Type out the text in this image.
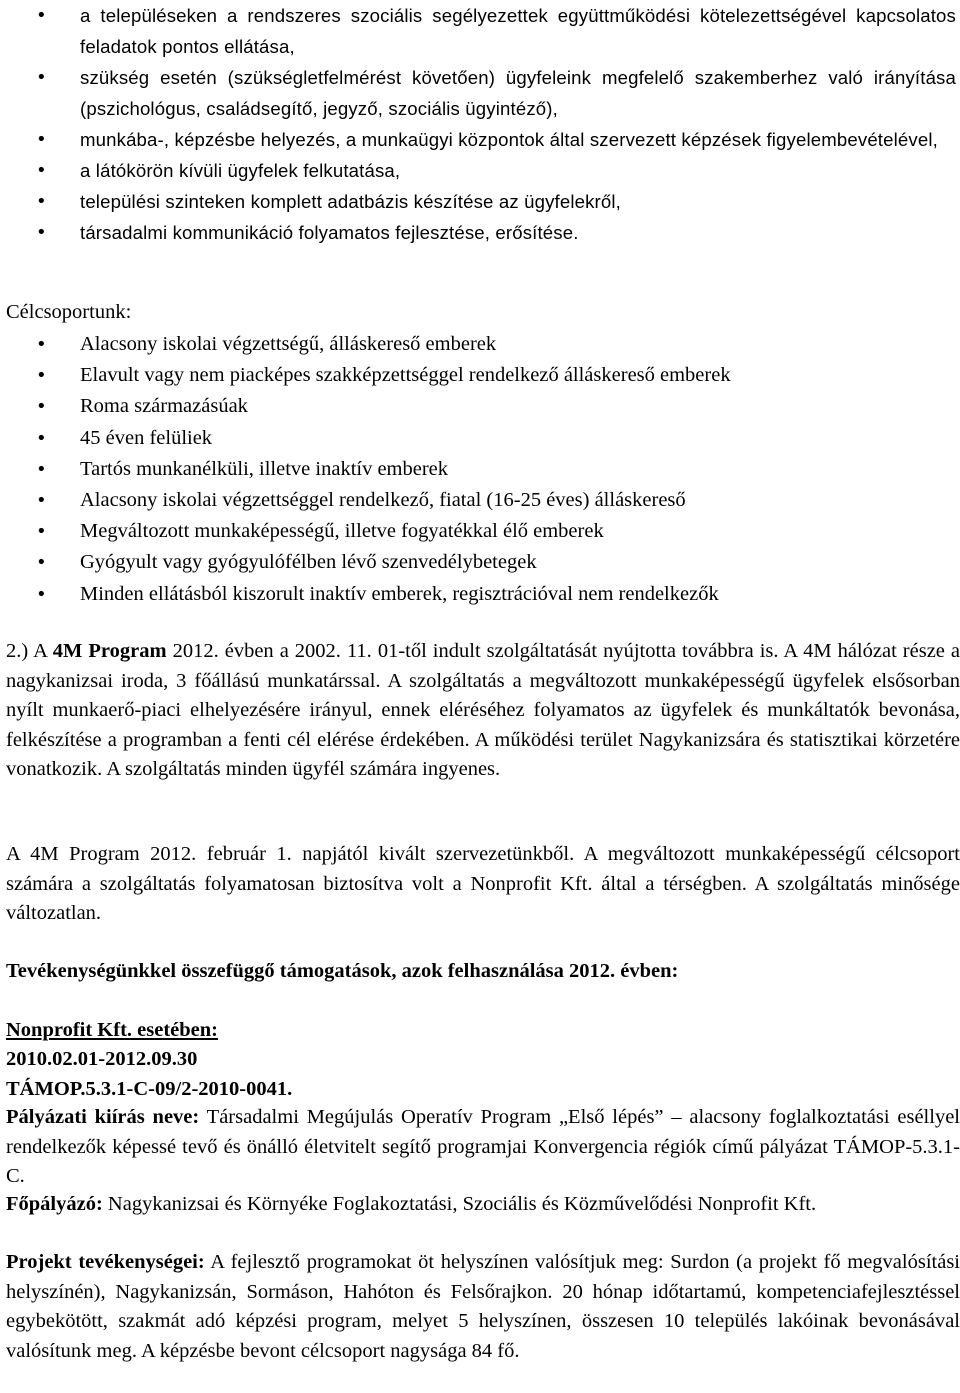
• a településeken a rendszeres szociális segélyezettek együttműködési kötelezettségével kapcsolatos feladatok pontos ellátása,
• szükség esetén (szükségletfelmérést követően) ügyfeleink megfelelő szakemberhez való irányítása (pszichológus, családsegítő, jegyző, szociális ügyintéző),
• munkába-, képzésbe helyezés, a munkaügyi központok által szervezett képzések figyelembevételével,
• a látókörön kívüli ügyfelek felkutatása,
• települési szinteken komplett adatbázis készítése az ügyfelekről,
• társadalmi kommunikáció folyamatos fejlesztése, erősítése.

Célcsoportunk:

• Alacsony iskolai végzettségű, álláskereső emberek
• Elavult vagy nem piacképes szakképzettséggel rendelkező álláskereső emberek
• Roma származásúak
• 45 éven felüliek
• Tartós munkanélküli, illetve inaktív emberek
• Alacsony iskolai végzettséggel rendelkező, fiatal (16-25 éves) álláskereső
• Megváltozott munkaképességű, illetve fogyatékkal élő emberek
• Gyógyult vagy gyógyulófélben lévő szenvedélybetegek
• Minden ellátásból kiszorult inaktív emberek, regisztrációval nem rendelkezők

2.) A 4M Program 2012. évben a 2002. 11. 01-től indult szolgáltatását nyújtotta továbbra is. A 4M hálózat része a nagykanizsai iroda, 3 főállású munkatárssal. A szolgáltatás a megváltozott munkaképességű ügyfelek elsősorban nyílt munkaerő-piaci elhelyezésére irányul, ennek eléréséhez folyamatos az ügyfelek és munkáltatók bevonása, felkészítése a programban a fenti cél elérése érdekében. A működési terület Nagykanizsára és statisztikai körzetére vonatkozik. A szolgáltatás minden ügyfél számára ingyenes.

A 4M Program 2012. február 1. napjától kivált szervezetünkből. A megváltozott munkaképességű célcsoport számára a szolgáltatás folyamatosan biztosítva volt a Nonprofit Kft. által a térségben. A szolgáltatás minősége változatlan.

Tevékenységünkkel összefüggő támogatások, azok felhasználása 2012. évben:

Nonprofit Kft. esetében:

2010.02.01-2012.09.30
TÁMOP.5.3.1-C-09/2-2010-0041.

Pályázati kiírás neve: Társadalmi Megújulás Operatív Program „Első lépés” – alacsony foglalkoztatási eséllyel rendelkezők képessé tevő és önálló életvitelt segítő programjai Konvergencia régiók című pályázat TÁMOP-5.3.1-C.

Főpályázó: Nagykanizsai és Környéke Foglakoztatási, Szociális és Közművelődési Nonprofit Kft.

Projekt tevékenységei: A fejlesztő programokat öt helyszínen valósítjuk meg: Surdon (a projekt fő megvalósítási helyszínén), Nagykanizsán, Sormáson, Hahóton és Felsőrajkon. 20 hónap időtartamú, kompetenciafejlesztéssel egybekötött, szakmát adó képzési program, melyet 5 helyszínen, összesen 10 település lakóinak bevonásával valósítunk meg. A képzésbe bevont célcsoport nagysága 84 fő.
